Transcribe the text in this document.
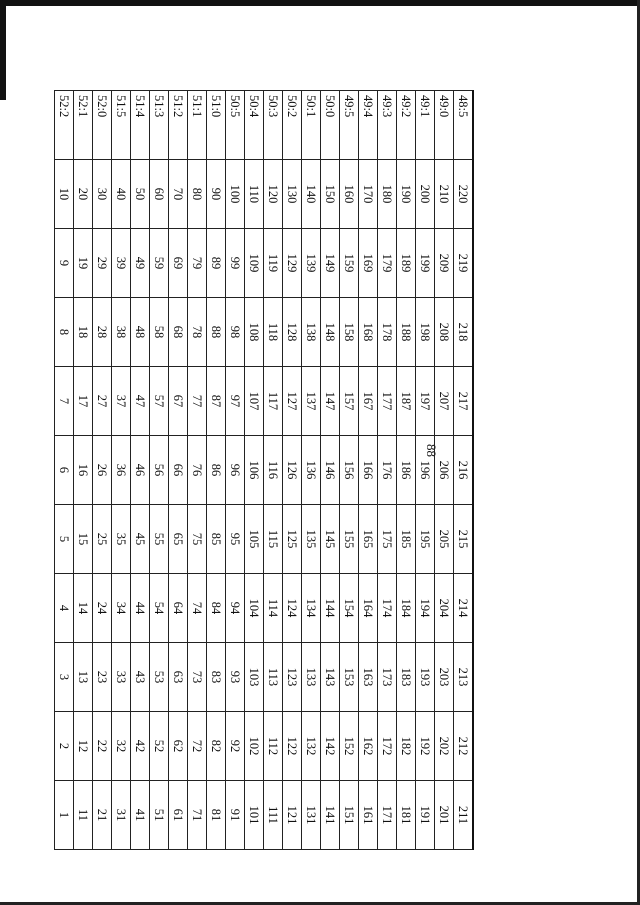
88
48:5	220	219	218	217	216	215	214	213	212	211
49:0	210	209	208	207	206	205	204	203	202	201
49:1	200	199	198	197	196	195	194	193	192	191
49:2	190	189	188	187	186	185	184	183	182	181
49:3	180	179	178	177	176	175	174	173	172	171
49:4	170	169	168	167	166	165	164	163	162	161
49:5	160	159	158	157	156	155	154	153	152	151
50:0	150	149	148	147	146	145	144	143	142	141
50:1	140	139	138	137	136	135	134	133	132	131
50:2	130	129	128	127	126	125	124	123	122	121
50:3	120	119	118	117	116	115	114	113	112	111
50:4	110	109	108	107	106	105	104	103	102	101
50:5	100	99	98	97	96	95	94	93	92	91
51:0	90	89	88	87	86	85	84	83	82	81
51:1	80	79	78	77	76	75	74	73	72	71
51:2	70	69	68	67	66	65	64	63	62	61
51:3	60	59	58	57	56	55	54	53	52	51
51:4	50	49	48	47	46	45	44	43	42	41
51:5	40	39	38	37	36	35	34	33	32	31
52:0	30	29	28	27	26	25	24	23	22	21
52:1	20	19	18	17	16	15	14	13	12	11
52:2	10	9	8	7	6	5	4	3	2	1
